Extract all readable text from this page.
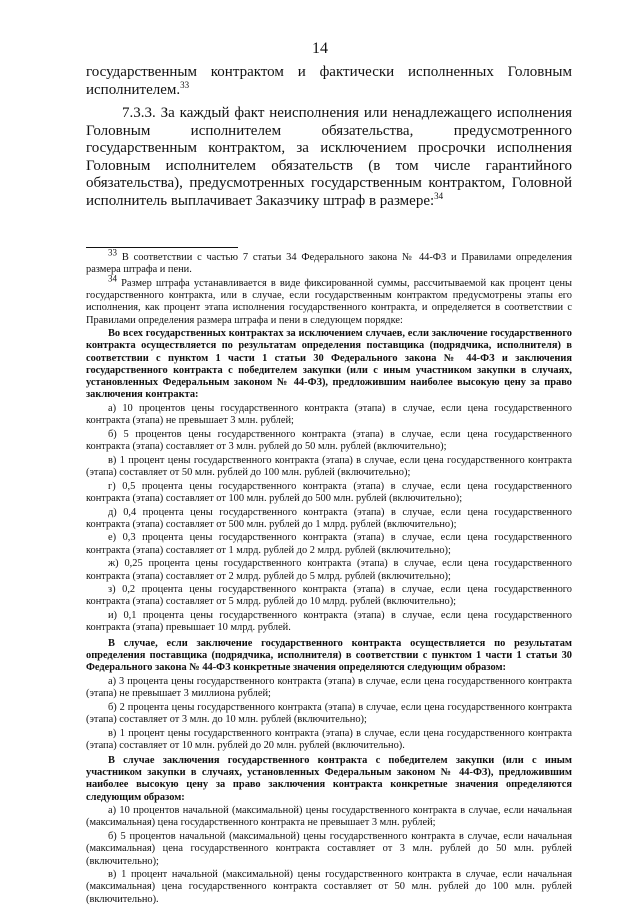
14

государственным контрактом и фактически исполненных Головным исполнителем.$^{33}$

7.3.3. За каждый факт неисполнения или ненадлежащего исполнения Головным исполнителем обязательства, предусмотренного государственным контрактом, за исключением просрочки исполнения Головным исполнителем обязательств (в том числе гарантийного обязательства), предусмотренных государственным контрактом, Головной исполнитель выплачивает Заказчику штраф в размере:$^{34}$

$^{33}$ В соответствии с частью 7 статьи 34 Федерального закона № 44-ФЗ и Правилами определения размера штрафа и пени.

$^{34}$ Размер штрафа устанавливается в виде фиксированной суммы, рассчитываемой как процент цены государственного контракта, или в случае, если государственным контрактом предусмотрены этапы его исполнения, как процент этапа исполнения государственного контракта, и определяется в соответствии с Правилами определения размера штрафа и пени в следующем порядке:

Во всех государственных контрактах за исключением случаев, если заключение государственного контракта осуществляется по результатам определения поставщика (подрядчика, исполнителя) в соответствии с пунктом 1 части 1 статьи 30 Федерального закона № 44-ФЗ и заключения государственного контракта с победителем закупки (или с иным участником закупки в случаях, установленных Федеральным законом № 44-ФЗ), предложившим наиболее высокую цену за право заключения контракта:

а) 10 процентов цены государственного контракта (этапа) в случае, если цена государственного контракта (этапа) не превышает 3 млн. рублей;

б) 5 процентов цены государственного контракта (этапа) в случае, если цена государственного контракта (этапа) составляет от 3 млн. рублей до 50 млн. рублей (включительно);

в) 1 процент цены государственного контракта (этапа) в случае, если цена государственного контракта (этапа) составляет от 50 млн. рублей до 100 млн. рублей (включительно);

г) 0,5 процента цены государственного контракта (этапа) в случае, если цена государственного контракта (этапа) составляет от 100 млн. рублей до 500 млн. рублей (включительно);

д) 0,4 процента цены государственного контракта (этапа) в случае, если цена государственного контракта (этапа) составляет от 500 млн. рублей до 1 млрд. рублей (включительно);

е) 0,3 процента цены государственного контракта (этапа) в случае, если цена государственного контракта (этапа) составляет от 1 млрд. рублей до 2 млрд. рублей (включительно);

ж) 0,25 процента цены государственного контракта (этапа) в случае, если цена государственного контракта (этапа) составляет от 2 млрд. рублей до 5 млрд. рублей (включительно);

з) 0,2 процента цены государственного контракта (этапа) в случае, если цена государственного контракта (этапа) составляет от 5 млрд. рублей до 10 млрд. рублей (включительно);

и) 0,1 процента цены государственного контракта (этапа) в случае, если цена государственного контракта (этапа) превышает 10 млрд. рублей.

В случае, если заключение государственного контракта осуществляется по результатам определения поставщика (подрядчика, исполнителя) в соответствии с пунктом 1 части 1 статьи 30 Федерального закона № 44-ФЗ конкретные значения определяются следующим образом:

а) 3 процента цены государственного контракта (этапа) в случае, если цена государственного контракта (этапа) не превышает 3 миллиона рублей;

б) 2 процента цены государственного контракта (этапа) в случае, если цена государственного контракта (этапа) составляет от 3 млн. до 10 млн. рублей (включительно);

в) 1 процент цены государственного контракта (этапа) в случае, если цена государственного контракта (этапа) составляет от 10 млн. рублей до 20 млн. рублей (включительно).

В случае заключения государственного контракта с победителем закупки (или с иным участником закупки в случаях, установленных Федеральным законом № 44-ФЗ), предложившим наиболее высокую цену за право заключения контракта конкретные значения определяются следующим образом:

а) 10 процентов начальной (максимальной) цены государственного контракта в случае, если начальная (максимальная) цена государственного контракта не превышает 3 млн. рублей;

б) 5 процентов начальной (максимальной) цены государственного контракта в случае, если начальная (максимальная) цена государственного контракта составляет от 3 млн. рублей до 50 млн. рублей (включительно);

в) 1 процент начальной (максимальной) цены государственного контракта в случае, если начальная (максимальная) цена государственного контракта составляет от 50 млн. рублей до 100 млн. рублей (включительно).
